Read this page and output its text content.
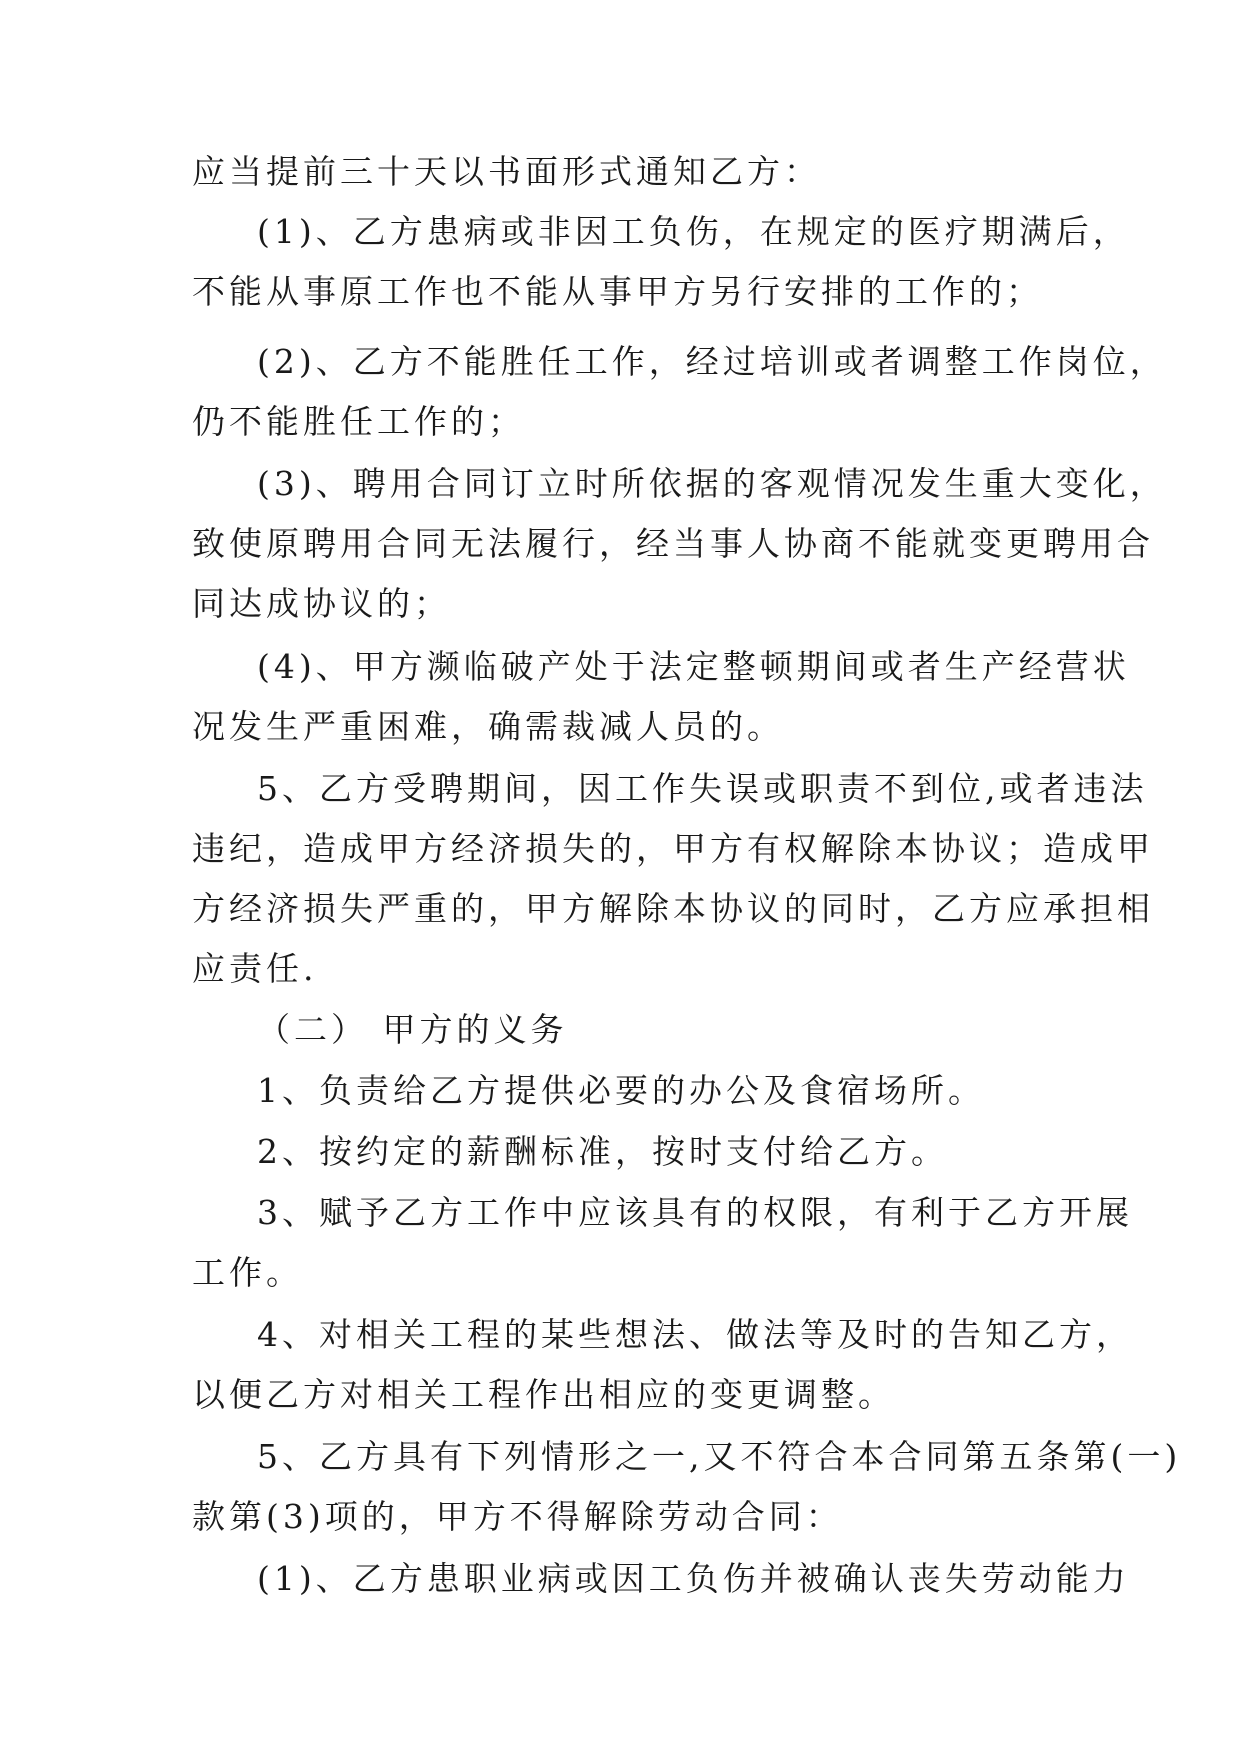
应当提前三十天以书面形式通知乙方：
(1)、乙方患病或非因工负伤，在规定的医疗期满后，
不能从事原工作也不能从事甲方另行安排的工作的；
(2)、乙方不能胜任工作，经过培训或者调整工作岗位，
仍不能胜任工作的；
(3)、聘用合同订立时所依据的客观情况发生重大变化，
致使原聘用合同无法履行，经当事人协商不能就变更聘用合
同达成协议的；
(4)、甲方濒临破产处于法定整顿期间或者生产经营状
况发生严重困难，确需裁减人员的。
5、乙方受聘期间，因工作失误或职责不到位,或者违法
违纪，造成甲方经济损失的，甲方有权解除本协议；造成甲
方经济损失严重的，甲方解除本协议的同时，乙方应承担相
应责任.
（二） 甲方的义务
1、负责给乙方提供必要的办公及食宿场所。
2、按约定的薪酬标准，按时支付给乙方。
3、赋予乙方工作中应该具有的权限，有利于乙方开展
工作。
4、对相关工程的某些想法、做法等及时的告知乙方，
以便乙方对相关工程作出相应的变更调整。
5、乙方具有下列情形之一,又不符合本合同第五条第(一)
款第(3)项的，甲方不得解除劳动合同：
(1)、乙方患职业病或因工负伤并被确认丧失劳动能力
